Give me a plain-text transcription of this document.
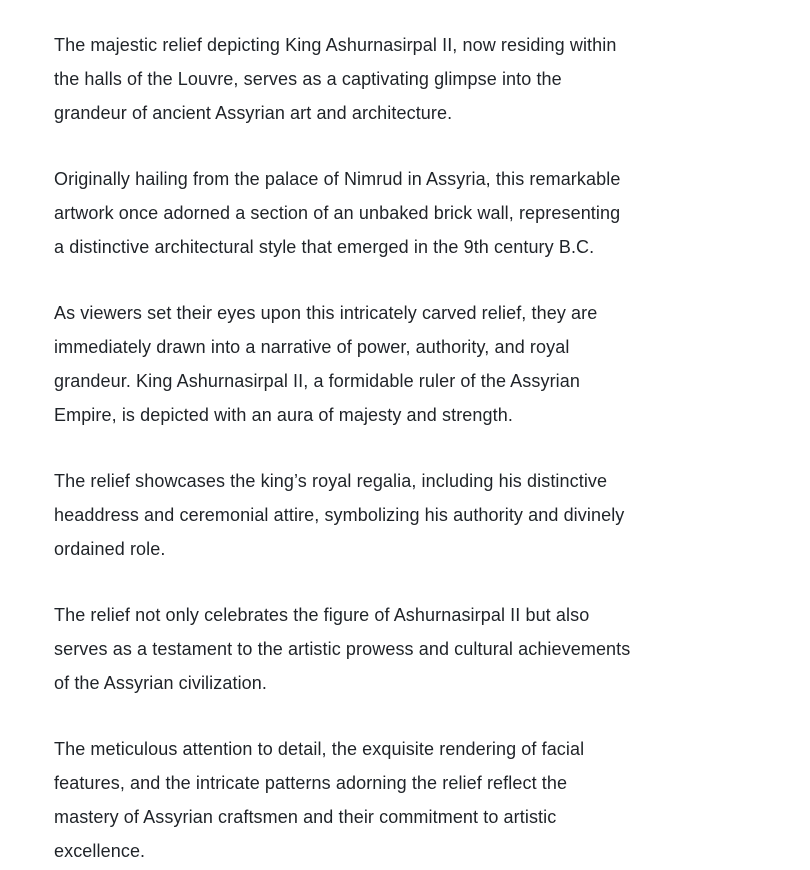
The majestic relief depicting King Ashurnasirpal II, now residing within
the halls of the Louvre, serves as a captivating glimpse into the
grandeur of ancient Assyrian art and architecture.

Originally hailing from the palace of Nimrud in Assyria, this remarkable
artwork once adorned a section of an unbaked brick wall, representing
a distinctive architectural style that emerged in the 9th century B.C.

As viewers set their eyes upon this intricately carved relief, they are
immediately drawn into a narrative of power, authority, and royal
grandeur. King Ashurnasirpal II, a formidable ruler of the Assyrian
Empire, is depicted with an aura of majesty and strength.

The relief showcases the king’s royal regalia, including his distinctive
headdress and ceremonial attire, symbolizing his authority and divinely
ordained role.

The relief not only celebrates the figure of Ashurnasirpal II but also
serves as a testament to the artistic prowess and cultural achievements
of the Assyrian civilization.

The meticulous attention to detail, the exquisite rendering of facial
features, and the intricate patterns adorning the relief reflect the
mastery of Assyrian craftsmen and their commitment to artistic
excellence.
